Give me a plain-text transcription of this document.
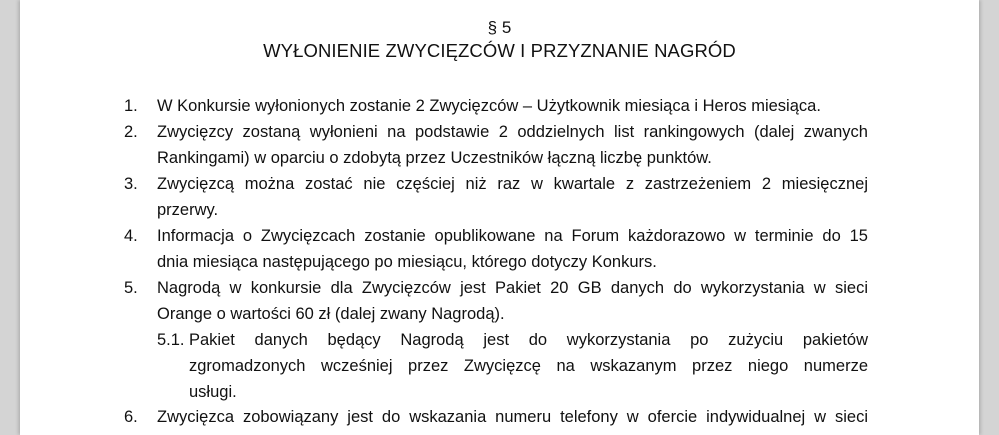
§ 5
WYŁONIENIE ZWYCIĘZCÓW I PRZYZNANIE NAGRÓD
1. W Konkursie wyłonionych zostanie 2 Zwycięzców – Użytkownik miesiąca i Heros miesiąca.
2. Zwycięzcy zostaną wyłonieni na podstawie 2 oddzielnych list rankingowych (dalej zwanych
Rankingami) w oparciu o zdobytą przez Uczestników łączną liczbę punktów.
3. Zwycięzcą można zostać nie częściej niż raz w kwartale z zastrzeżeniem 2 miesięcznej
przerwy.
4. Informacja o Zwycięzcach zostanie opublikowane na Forum każdorazowo w terminie do 15
dnia miesiąca następującego po miesiącu, którego dotyczy Konkurs.
5. Nagrodą w konkursie dla Zwycięzców jest Pakiet 20 GB danych do wykorzystania w sieci
Orange o wartości 60 zł (dalej zwany Nagrodą).
5.1. Pakiet danych będący Nagrodą jest do wykorzystania po zużyciu pakietów
zgromadzonych wcześniej przez Zwycięzcę na wskazanym przez niego numerze
usługi.
6. Zwycięzca zobowiązany jest do wskazania numeru telefony w ofercie indywidualnej w sieci
